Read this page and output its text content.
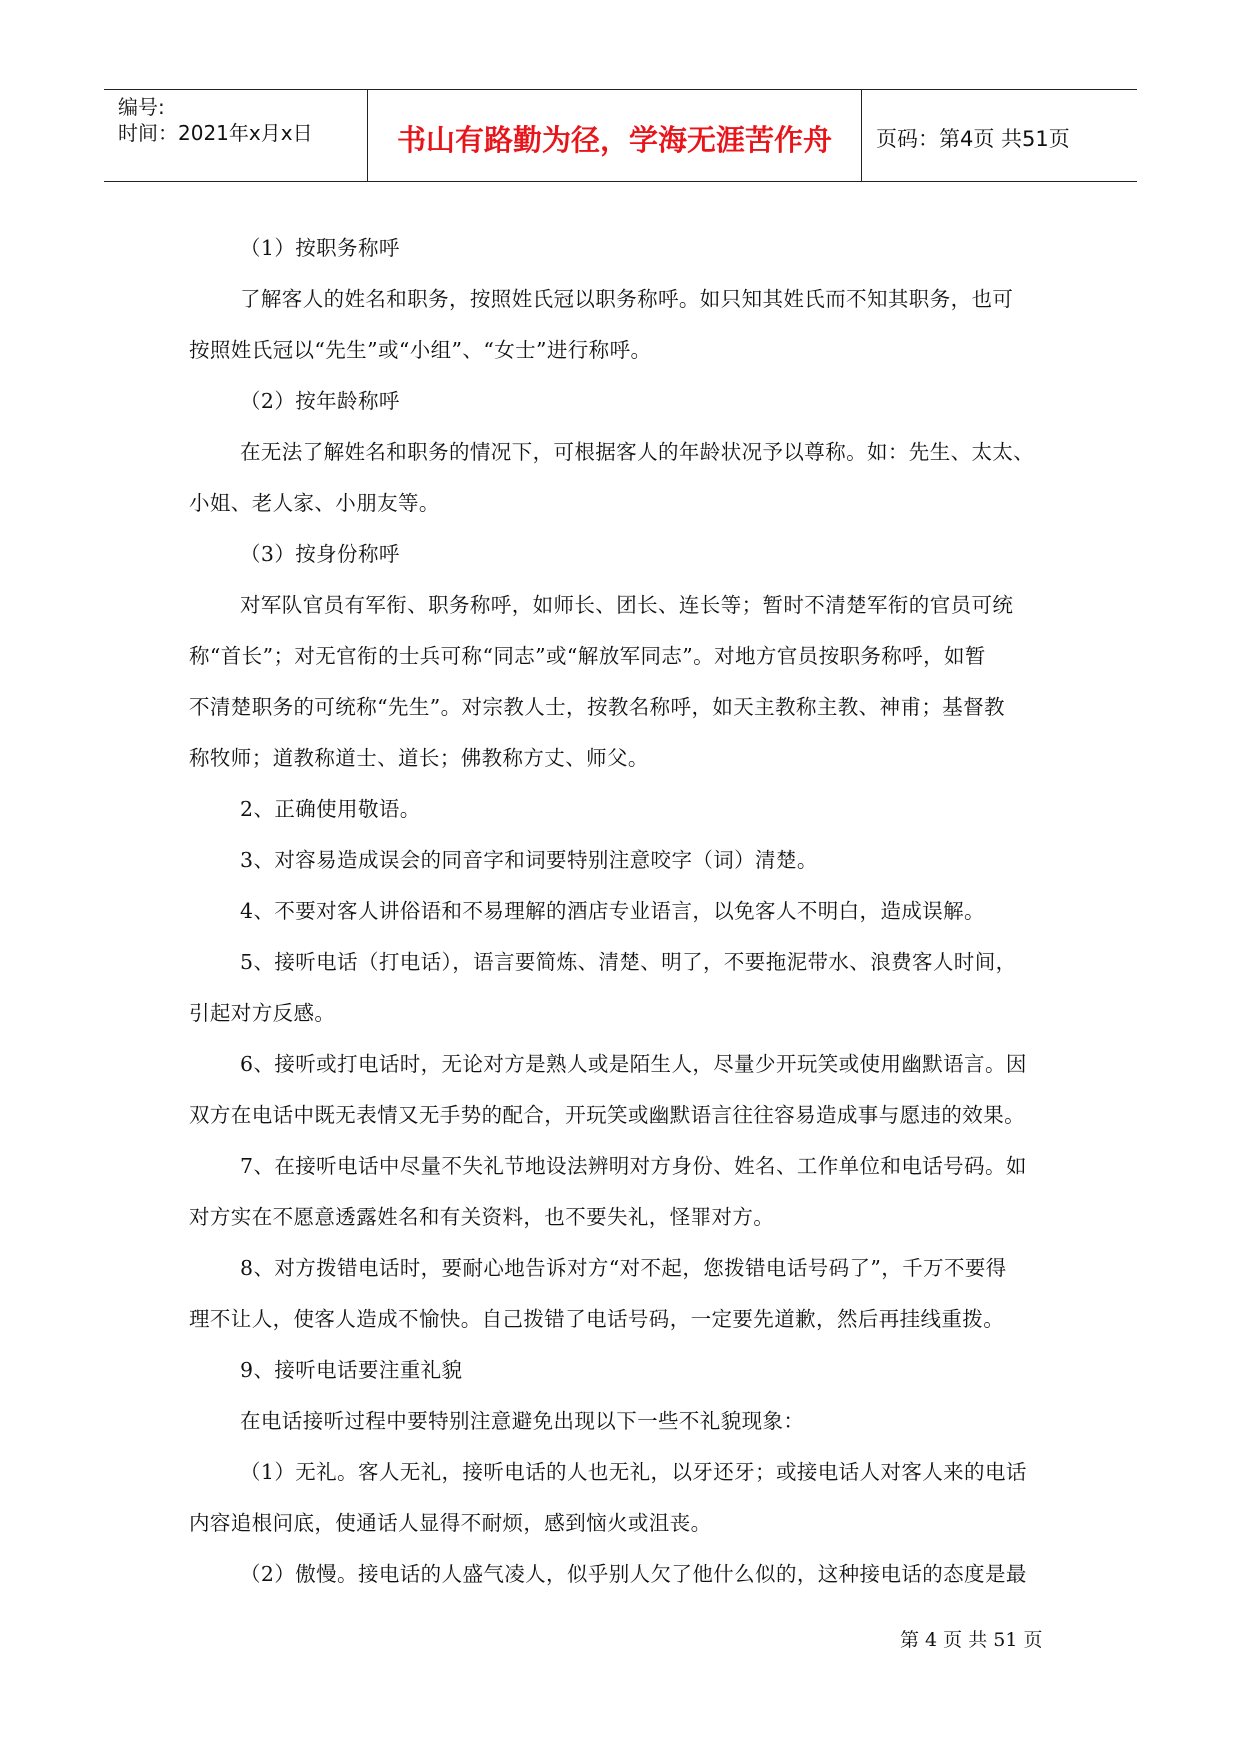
编号:
时间：2021年x月x日	书山有路勤为径，学海无涯苦作舟	页码：第4页 共51页
（1）按职务称呼
了解客人的姓名和职务，按照姓氏冠以职务称呼。如只知其姓氏而不知其职务，也可
按照姓氏冠以“先生”或“小组”、“女士”进行称呼。
（2）按年龄称呼
在无法了解姓名和职务的情况下，可根据客人的年龄状况予以尊称。如：先生、太太、
小姐、老人家、小朋友等。
（3）按身份称呼
对军队官员有军衔、职务称呼，如师长、团长、连长等；暂时不清楚军衔的官员可统
称“首长”；对无官衔的士兵可称“同志”或“解放军同志”。对地方官员按职务称呼，如暂
不清楚职务的可统称“先生”。对宗教人士，按教名称呼，如天主教称主教、神甫；基督教
称牧师；道教称道士、道长；佛教称方丈、师父。
2、正确使用敬语。
3、对容易造成误会的同音字和词要特别注意咬字（词）清楚。
4、不要对客人讲俗语和不易理解的酒店专业语言，以免客人不明白，造成误解。
5、接听电话（打电话），语言要简炼、清楚、明了，不要拖泥带水、浪费客人时间，
引起对方反感。
6、接听或打电话时，无论对方是熟人或是陌生人，尽量少开玩笑或使用幽默语言。因
双方在电话中既无表情又无手势的配合，开玩笑或幽默语言往往容易造成事与愿违的效果。
7、在接听电话中尽量不失礼节地设法辨明对方身份、姓名、工作单位和电话号码。如
对方实在不愿意透露姓名和有关资料，也不要失礼，怪罪对方。
8、对方拨错电话时，要耐心地告诉对方“对不起，您拨错电话号码了”，千万不要得
理不让人，使客人造成不愉快。自己拨错了电话号码，一定要先道歉，然后再挂线重拨。
9、接听电话要注重礼貌
在电话接听过程中要特别注意避免出现以下一些不礼貌现象：
（1）无礼。客人无礼，接听电话的人也无礼，以牙还牙；或接电话人对客人来的电话
内容追根问底，使通话人显得不耐烦，感到恼火或沮丧。
（2）傲慢。接电话的人盛气凌人，似乎别人欠了他什么似的，这种接电话的态度是最
第 4 页 共 51 页
